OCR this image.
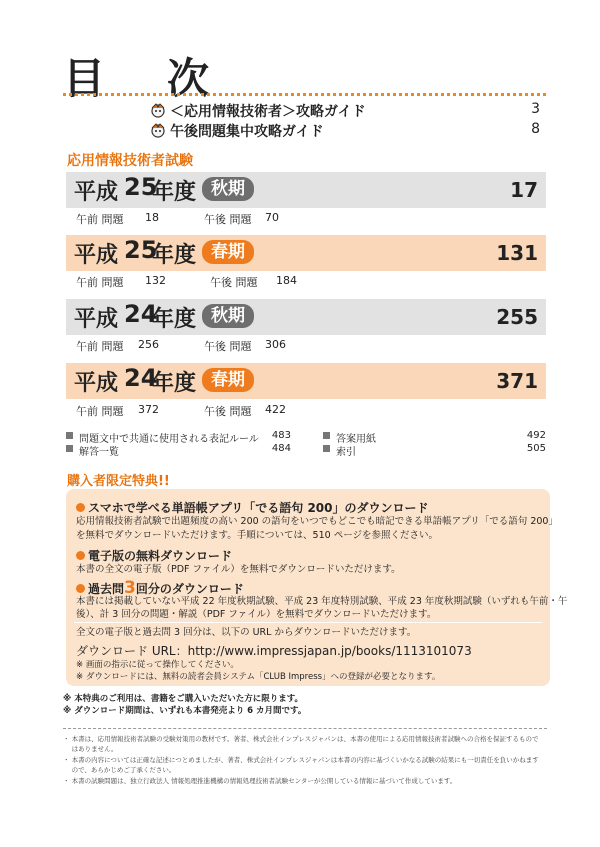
目　次
＜応用情報技術者＞攻略ガイド	3
午後問題集中攻略ガイド	8
応用情報技術者試験
平成 25
年度 秋期	17
午前 問題 18	午後 問題 70
平成 25
年度 春期	131
午前 問題 132	午後 問題 184
平成 24
年度 秋期	255
午前 問題 256	午後 問題 306
平成 24
年度 春期	371
午前 問題 372	午後 問題 422
問題文中で共通に使用される表記ルール 483
解答一覧	484
答案用紙	492
索引	505
購入者限定特典!!
スマホで学べる単語帳アプリ「でる語句 200」のダウンロード
応用情報技術者試験で出題頻度の高い 200 の語句をいつでもどこでも暗記できる単語帳アプリ「でる語句 200」
を無料でダウンロードいただけます。手順については、510 ページを参照ください。
電子版の無料ダウンロード
本書の全文の電子版（PDF ファイル）を無料でダウンロードいただけます。
過去問3回分のダウンロード
本書には掲載していない平成 22 年度秋期試験、平成 23 年度特別試験、平成 23 年度秋期試験（いずれも午前・午
後）、計 3 回分の問題・解説（PDF ファイル）を無料でダウンロードいただけます。
全文の電子版と過去問 3 回分は、以下の URL からダウンロードいただけます。
ダウンロード URL：http://www.impressjapan.jp/books/1113101073
※ 画面の指示に従って操作してください。
※ ダウンロードには、無料の読者会員システム「CLUB Impress」への登録が必要となります。
※ 本特典のご利用は、書籍をご購入いただいた方に限ります。
※ ダウンロード期間は、いずれも本書発売より 6 カ月間です。
・ 本書は、応用情報技術者試験の受験対策用の教材です。著者、株式会社インプレスジャパンは、本書の使用による応用情報技術者試験への合格を保証するもので
　 はありません。
・ 本書の内容については正確な記述につとめましたが、著者、株式会社インプレスジャパンは本書の内容に基づくいかなる試験の結果にも一切責任を負いかねます
　 ので、あらかじめご了承ください。
・ 本書の試験問題は、独立行政法人 情報処理推進機構の情報処理技術者試験センターが公開している情報に基づいて作成しています。
